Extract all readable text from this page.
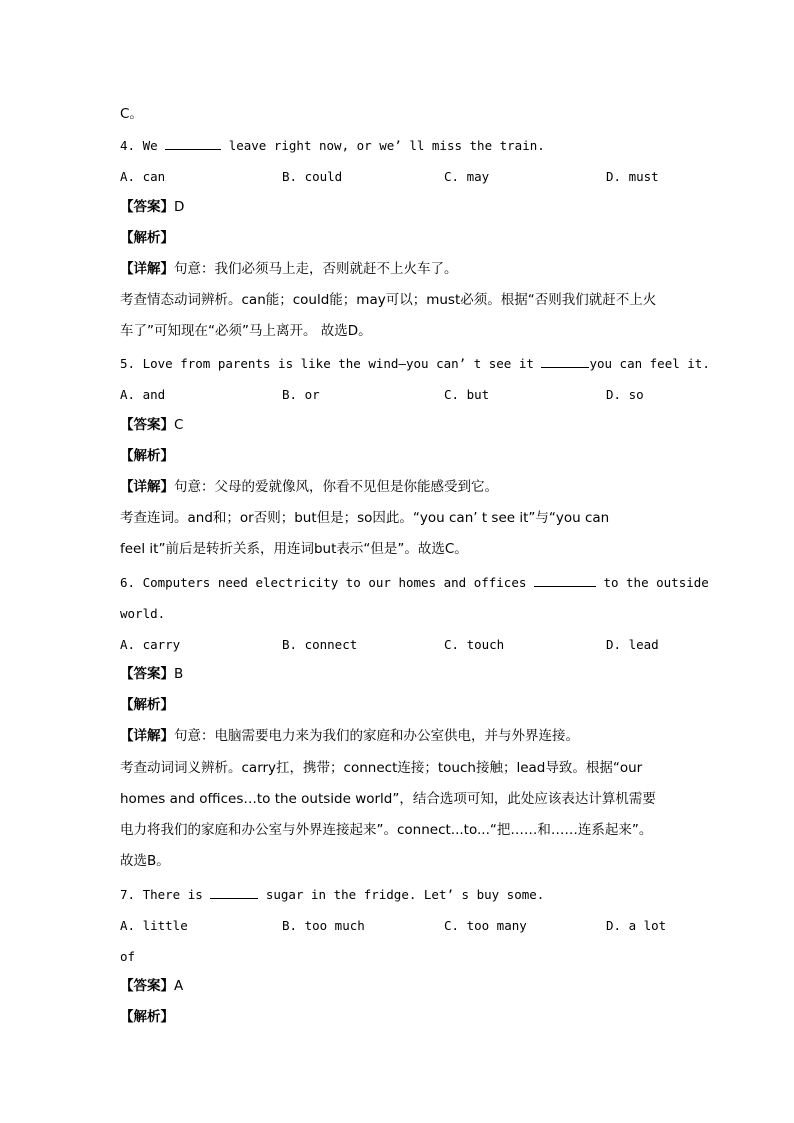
C。
4. We	leave right now, or we’ ll miss the train.
A. can	B. could	C. may	D. must
【答案】D
【解析】
【详解】句意：我们必须马上走，否则就赶不上火车了。
考查情态动词辨析。can能；could能；may可以；must必须。根据“否则我们就赶不上火
车了”可知现在“必须”马上离开。 故选D。
5. Love from parents is like the wind—you can’ t see it	you can feel it.
A. and	B. or	C. but	D. so
【答案】C
【解析】
【详解】句意：父母的爱就像风，你看不见但是你能感受到它。
考查连词。and和；or否则；but但是；so因此。“you can’ t see it”与“you can
feel it”前后是转折关系，用连词but表示“但是”。故选C。
6. Computers need electricity to our homes and offices	to the outside
world.
A. carry	B. connect	C. touch	D. lead
【答案】B
【解析】
【详解】句意：电脑需要电力来为我们的家庭和办公室供电，并与外界连接。
考查动词词义辨析。carry扛，携带；connect连接；touch接触；lead导致。根据“our
homes and offices…to the outside world”，结合选项可知，此处应该表达计算机需要
电力将我们的家庭和办公室与外界连接起来”。connect...to...“把……和……连系起来”。
故选B。
7. There is	sugar in the fridge. Let’ s buy some.
A. little	B. too much	C. too many	D. a lot
of
【答案】A
【解析】
